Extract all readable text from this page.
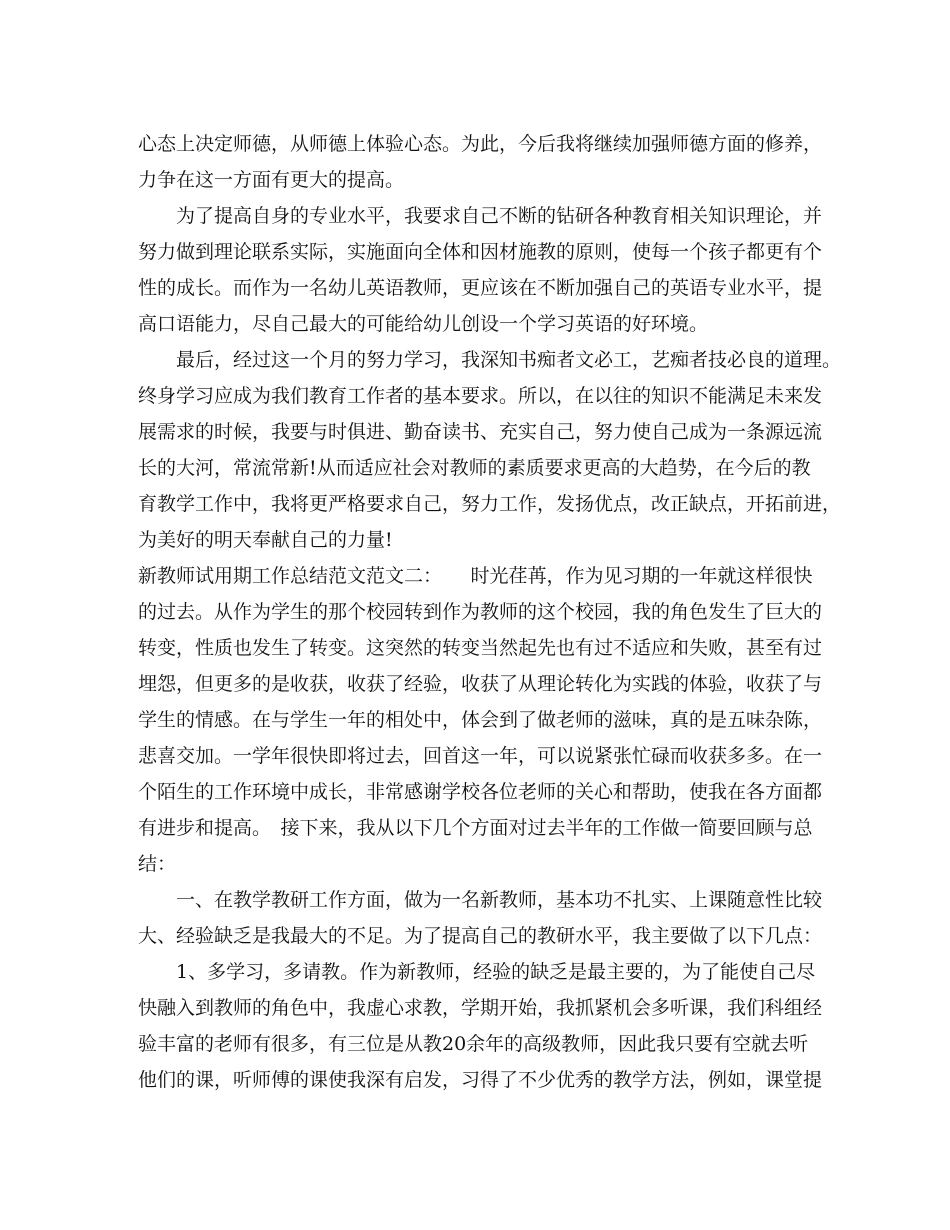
心态上决定师德，从师德上体验心态。为此，今后我将继续加强师德方面的修养，
力争在这一方面有更大的提高。
　　为了提高自身的专业水平，我要求自己不断的钻研各种教育相关知识理论，并
努力做到理论联系实际，实施面向全体和因材施教的原则，使每一个孩子都更有个
性的成长。而作为一名幼儿英语教师，更应该在不断加强自己的英语专业水平，提
高口语能力，尽自己最大的可能给幼儿创设一个学习英语的好环境。
　　最后，经过这一个月的努力学习，我深知书痴者文必工，艺痴者技必良的道理。
终身学习应成为我们教育工作者的基本要求。所以，在以往的知识不能满足未来发
展需求的时候，我要与时俱进、勤奋读书、充实自己，努力使自己成为一条源远流
长的大河，常流常新!从而适应社会对教师的素质要求更高的大趋势，在今后的教
育教学工作中，我将更严格要求自己，努力工作，发扬优点，改正缺点，开拓前进，
为美好的明天奉献自己的力量!
新教师试用期工作总结范文范文二：　　时光荏苒，作为见习期的一年就这样很快
的过去。从作为学生的那个校园转到作为教师的这个校园，我的角色发生了巨大的
转变，性质也发生了转变。这突然的转变当然起先也有过不适应和失败，甚至有过
埋怨，但更多的是收获，收获了经验，收获了从理论转化为实践的体验，收获了与
学生的情感。在与学生一年的相处中，体会到了做老师的滋味，真的是五味杂陈，
悲喜交加。一学年很快即将过去，回首这一年，可以说紧张忙碌而收获多多。在一
个陌生的工作环境中成长，非常感谢学校各位老师的关心和帮助，使我在各方面都
有进步和提高。　接下来，我从以下几个方面对过去半年的工作做一简要回顾与总
结：
　　一、在教学教研工作方面，做为一名新教师，基本功不扎实、上课随意性比较
大、经验缺乏是我最大的不足。为了提高自己的教研水平，我主要做了以下几点：
　　1、多学习，多请教。作为新教师，经验的缺乏是最主要的，为了能使自己尽
快融入到教师的角色中，我虚心求教，学期开始，我抓紧机会多听课，我们科组经
验丰富的老师有很多，有三位是从教20余年的高级教师，因此我只要有空就去听
他们的课，听师傅的课使我深有启发，习得了不少优秀的教学方法，例如，课堂提
